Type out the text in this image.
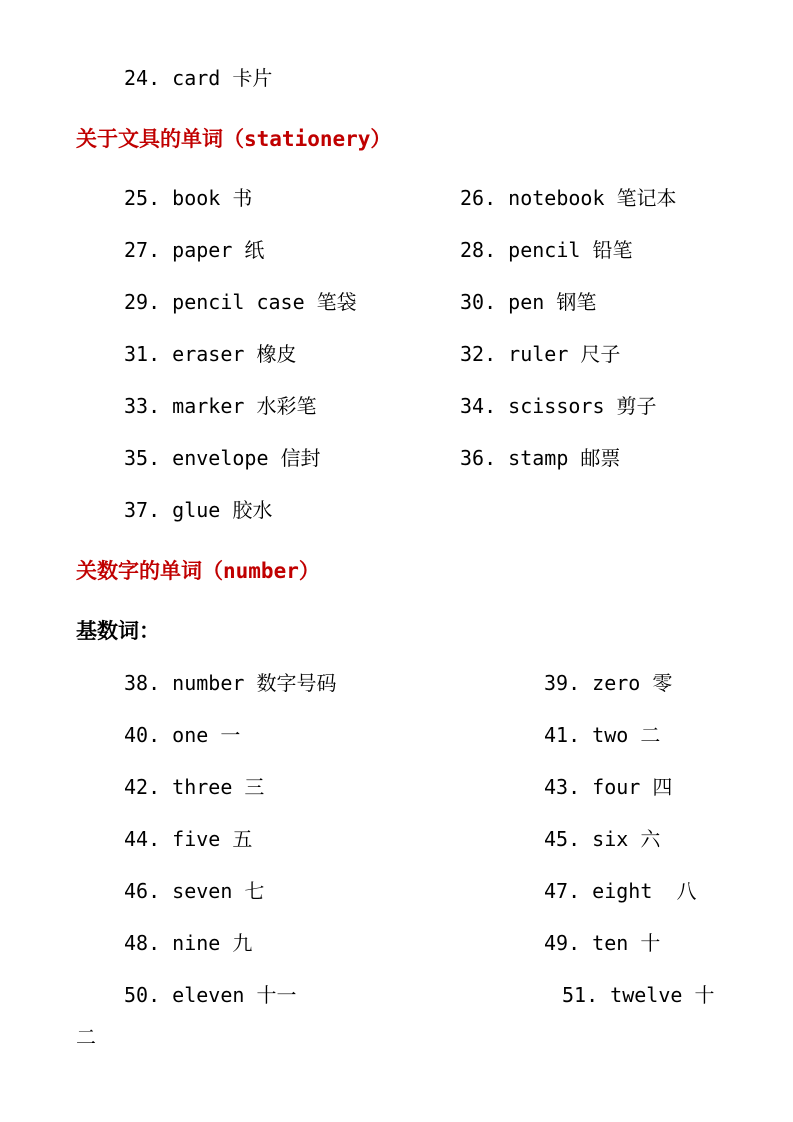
24. card 卡片
关于文具的单词（stationery）
25. book 书	26. notebook 笔记本
27. paper 纸	28. pencil 铅笔
29. pencil case 笔袋	30. pen 钢笔
31. eraser 橡皮	32. ruler 尺子
33. marker 水彩笔	34. scissors 剪子
35. envelope 信封	36. stamp 邮票
37. glue 胶水
关数字的单词（number）
基数词：
38. number 数字号码	39. zero 零
40. one 一	41. two 二
42. three 三	43. four 四
44. five 五	45. six 六
46. seven 七	47. eight  八
48. nine 九	49. ten 十
50. eleven 十一	51. twelve 十
二
